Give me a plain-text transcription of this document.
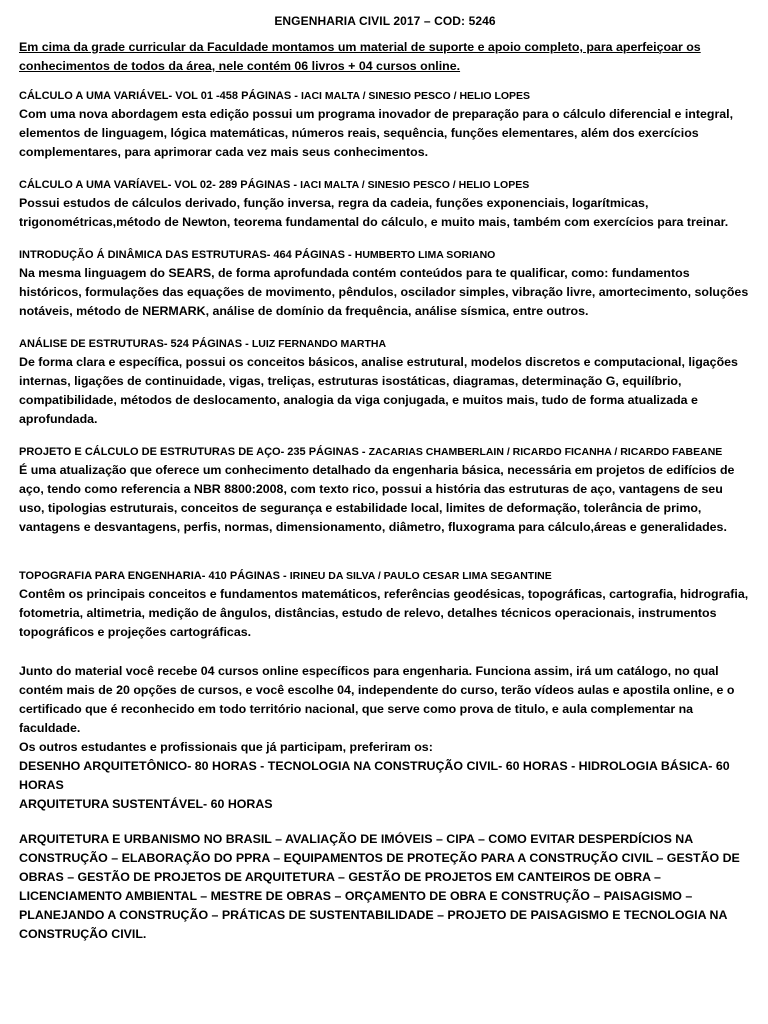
ENGENHARIA CIVIL 2017 – COD: 5246

Em cima da grade curricular da Faculdade montamos um material de suporte e apoio completo, para aperfeiçoar os conhecimentos de todos da área, nele contém 06 livros + 04 cursos online.

CÁLCULO A UMA VARIÁVEL- VOL 01 -458 PÁGINAS - IACI MALTA / SINESIO PESCO / HELIO LOPES

Com uma nova abordagem esta edição possui um programa inovador de preparação para o cálculo diferencial e integral, elementos de linguagem, lógica matemáticas, números reais, sequência, funções elementares, além dos exercícios complementares, para aprimorar cada vez mais seus conhecimentos.

CÁLCULO A UMA VARÍAVEL- VOL 02- 289 PÁGINAS - IACI MALTA / SINESIO PESCO / HELIO LOPES

Possui estudos de cálculos derivado, função inversa, regra da cadeia, funções exponenciais, logarítmicas, trigonométricas,método de Newton, teorema fundamental do cálculo, e muito mais, também com exercícios para treinar.

INTRODUÇÃO Á DINÂMICA DAS ESTRUTURAS- 464 PÁGINAS - HUMBERTO LIMA SORIANO

Na mesma linguagem do SEARS, de forma aprofundada contém conteúdos para te qualificar, como: fundamentos históricos, formulações das equações de movimento, pêndulos, oscilador simples, vibração livre, amortecimento, soluções notáveis, método de NERMARK, análise de domínio da frequência, análise sísmica, entre outros.

ANÁLISE DE ESTRUTURAS- 524 PÁGINAS - LUIZ FERNANDO MARTHA

De forma clara e específica, possui os conceitos básicos, analise estrutural, modelos discretos e computacional, ligações internas, ligações de continuidade, vigas, treliças, estruturas isostáticas, diagramas, determinação G, equilíbrio, compatibilidade, métodos de deslocamento, analogia da viga conjugada, e muitos mais, tudo de forma atualizada e aprofundada.

PROJETO E CÁLCULO DE ESTRUTURAS DE AÇO- 235 PÁGINAS - ZACARIAS CHAMBERLAIN / RICARDO FICANHA / RICARDO FABEANE

É uma atualização que oferece um conhecimento detalhado da engenharia básica, necessária em projetos de edifícios de aço, tendo como referencia a NBR 8800:2008, com texto rico, possui a história das estruturas de aço, vantagens de seu uso, tipologias estruturais, conceitos de segurança e estabilidade local, limites de deformação, tolerância de primo, vantagens e desvantagens, perfis, normas, dimensionamento, diâmetro, fluxograma para cálculo,áreas e generalidades.

TOPOGRAFIA PARA ENGENHARIA- 410 PÁGINAS - IRINEU DA SILVA / PAULO CESAR LIMA SEGANTINE

Contêm os principais conceitos e fundamentos matemáticos, referências geodésicas, topográficas, cartografia, hidrografia, fotometria, altimetria, medição de ângulos, distâncias, estudo de relevo, detalhes técnicos operacionais, instrumentos topográficos e projeções cartográficas.

Junto do material você recebe 04 cursos online específicos para engenharia. Funciona assim, irá um catálogo, no qual contém mais de 20 opções de cursos, e você escolhe 04, independente do curso, terão vídeos aulas e apostila online, e o certificado que é reconhecido em todo território nacional, que serve como prova de titulo, e aula complementar na faculdade.

Os outros estudantes e profissionais que já participam, preferiram os:

DESENHO ARQUITETÔNICO- 80 HORAS - TECNOLOGIA NA CONSTRUÇÃO CIVIL- 60 HORAS - HIDROLOGIA BÁSICA- 60 HORAS

ARQUITETURA SUSTENTÁVEL- 60 HORAS

ARQUITETURA E URBANISMO NO BRASIL – AVALIAÇÃO DE IMÓVEIS – CIPA – COMO EVITAR DESPERDÍCIOS NA CONSTRUÇÃO – ELABORAÇÃO DO PPRA – EQUIPAMENTOS DE PROTEÇÃO PARA A CONSTRUÇÃO CIVIL – GESTÃO DE OBRAS – GESTÃO DE PROJETOS DE ARQUITETURA – GESTÃO DE PROJETOS EM CANTEIROS DE OBRA – LICENCIAMENTO AMBIENTAL – MESTRE DE OBRAS – ORÇAMENTO DE OBRA E CONSTRUÇÃO – PAISAGISMO – PLANEJANDO A CONSTRUÇÃO – PRÁTICAS DE SUSTENTABILIDADE – PROJETO DE PAISAGISMO E TECNOLOGIA NA CONSTRUÇÃO CIVIL.
